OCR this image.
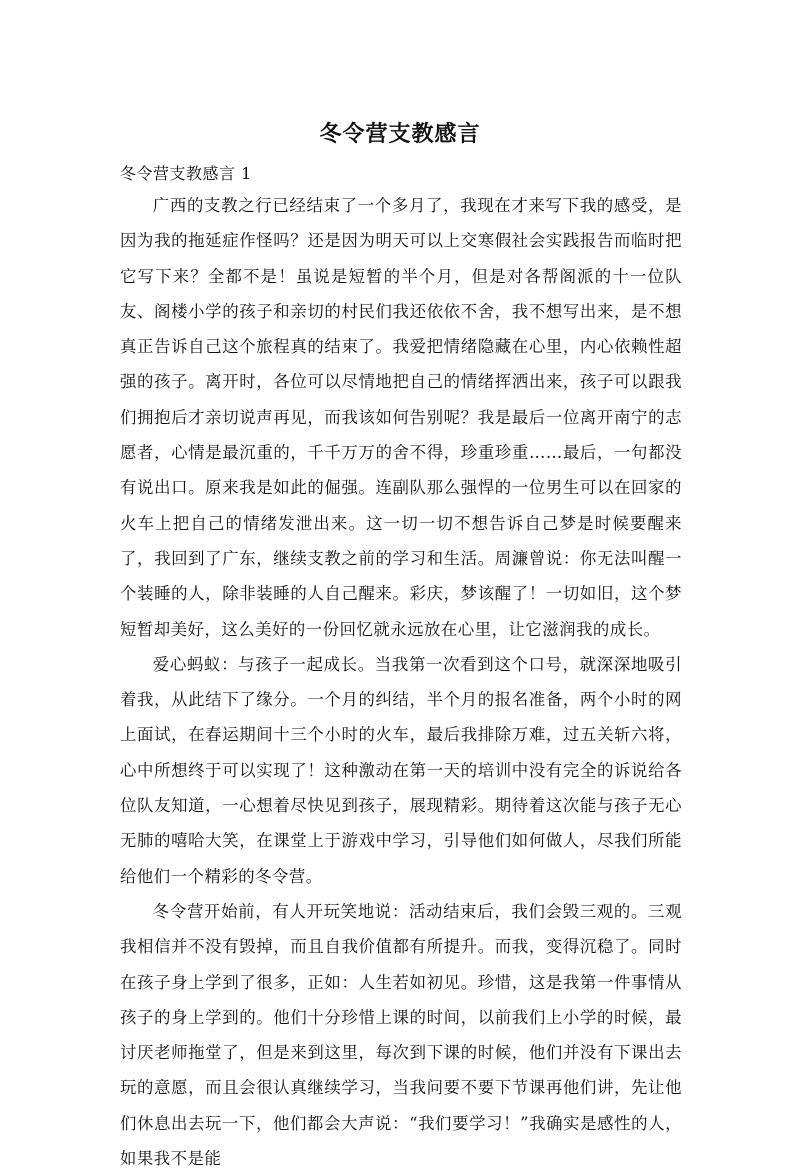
冬令营支教感言

冬令营支教感言 1

广西的支教之行已经结束了一个多月了，我现在才来写下我的感受，是因为我的拖延症作怪吗？还是因为明天可以上交寒假社会实践报告而临时把它写下来？全都不是！虽说是短暂的半个月，但是对各帮阁派的十一位队友、阁楼小学的孩子和亲切的村民们我还依依不舍，我不想写出来，是不想真正告诉自己这个旅程真的结束了。我爱把情绪隐藏在心里，内心依赖性超强的孩子。离开时，各位可以尽情地把自己的情绪挥洒出来，孩子可以跟我们拥抱后才亲切说声再见，而我该如何告别呢？我是最后一位离开南宁的志愿者，心情是最沉重的，千千万万的舍不得，珍重珍重……最后，一句都没有说出口。原来我是如此的倔强。连副队那么强悍的一位男生可以在回家的火车上把自己的情绪发泄出来。这一切一切不想告诉自己梦是时候要醒来了，我回到了广东，继续支教之前的学习和生活。周濂曾说：你无法叫醒一个装睡的人，除非装睡的人自己醒来。彩庆，梦该醒了！一切如旧，这个梦短暂却美好，这么美好的一份回忆就永远放在心里，让它滋润我的成长。

爱心蚂蚁：与孩子一起成长。当我第一次看到这个口号，就深深地吸引着我，从此结下了缘分。一个月的纠结，半个月的报名准备，两个小时的网上面试，在春运期间十三个小时的火车，最后我排除万难，过五关斩六将，心中所想终于可以实现了！这种激动在第一天的培训中没有完全的诉说给各位队友知道，一心想着尽快见到孩子，展现精彩。期待着这次能与孩子无心无肺的嘻哈大笑，在课堂上于游戏中学习，引导他们如何做人，尽我们所能给他们一个精彩的冬令营。

冬令营开始前，有人开玩笑地说：活动结束后，我们会毁三观的。三观我相信并不没有毁掉，而且自我价值都有所提升。而我，变得沉稳了。同时在孩子身上学到了很多，正如：人生若如初见。珍惜，这是我第一件事情从孩子的身上学到的。他们十分珍惜上课的时间，以前我们上小学的时候，最讨厌老师拖堂了，但是来到这里，每次到下课的时候，他们并没有下课出去玩的意愿，而且会很认真继续学习，当我问要不要下节课再他们讲，先让他们休息出去玩一下，他们都会大声说：“我们要学习！”我确实是感性的人，如果我不是能
